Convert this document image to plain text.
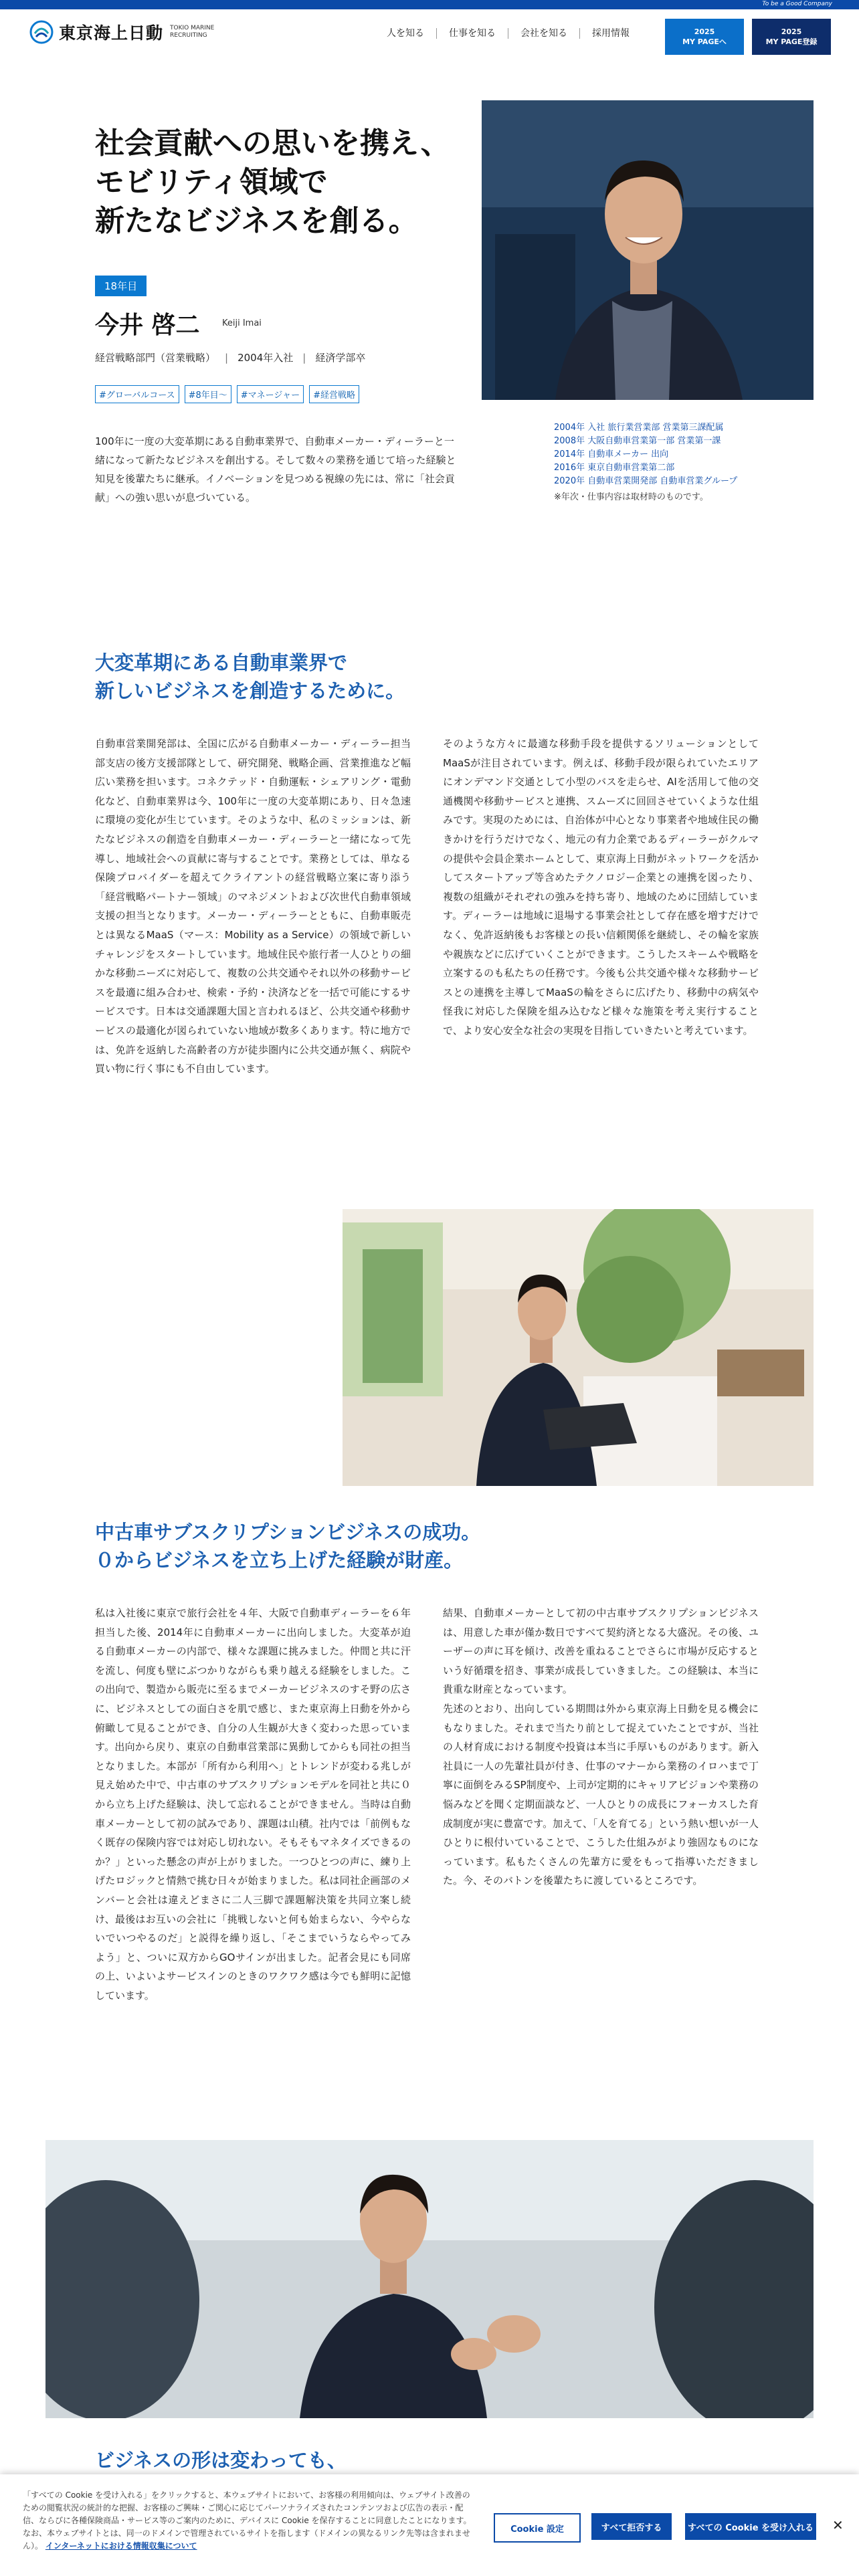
To be a Good Company
東京海上日動 TOKIO MARINE RECRUITING	人を知る	仕事を知る	会社を知る	採用情報	2025
MY PAGEへ
2025
MY PAGE登録
社会貢献への思いを携え、
モビリティ領域で
新たなビジネスを創る。
18年目
今井 啓二	Keiji Imai
経営戦略部門（営業戦略） | 2004年入社 | 経済学部卒
#グローバルコース	#8年目〜	#マネージャー	#経営戦略
100年に一度の大変革期にある自動車業界で、自動車メーカー・ディーラーと一緒になって新たなビジネスを創出する。そして数々の業務を通じて培った経験と知見を後輩たちに継承。イノベーションを見つめる視線の先には、常に「社会貢献」への強い思いが息づいている。
2004年 入社 旅行業営業部 営業第三課配属
2008年 大阪自動車営業第一部 営業第一課
2014年 自動車メーカー 出向
2016年 東京自動車営業第二部
2020年 自動車営業開発部 自動車営業グループ
※年次・仕事内容は取材時のものです。
大変革期にある自動車業界で
新しいビジネスを創造するために。

自動車営業開発部は、全国に広がる自動車メーカー・ディーラー担当部支店の後方支援部隊として、研究開発、戦略企画、営業推進など幅広い業務を担います。コネクテッド・自動運転・シェアリング・電動化など、自動車業界は今、100年に一度の大変革期にあり、日々急速に環境の変化が生じています。そのような中、私のミッションは、新たなビジネスの創造を自動車メーカー・ディーラーと一緒になって先導し、地域社会への貢献に寄与することです。業務としては、単なる保険プロバイダーを超えてクライアントの経営戦略立案に寄り添う「経営戦略パートナー領域」のマネジメントおよび次世代自動車領域支援の担当となります。メーカー・ディーラーとともに、自動車販売とは異なるMaaS（マース：Mobility as a Service）の領域で新しいチャレンジをスタートしています。地域住民や旅行者一人ひとりの細かな移動ニーズに対応して、複数の公共交通やそれ以外の移動サービスを最適に組み合わせ、検索・予約・決済などを一括で可能にするサービスです。日本は交通課題大国と言われるほど、公共交通や移動サービスの最適化が図られていない地域が数多くあります。特に地方では、免許を返納した高齢者の方が徒歩圏内に公共交通が無く、病院や買い物に行く事にも不自由しています。

そのような方々に最適な移動手段を提供するソリューションとしてMaaSが注目されています。例えば、移動手段が限られていたエリアにオンデマンド交通として小型のバスを走らせ、AIを活用して他の交通機関や移動サービスと連携、スムーズに回回させていくような仕組みです。実現のためには、自治体が中心となり事業者や地域住民の働きかけを行うだけでなく、地元の有力企業であるディーラーがクルマの提供や会員企業ホームとして、東京海上日動がネットワークを活かしてスタートアップ等含めたテクノロジー企業との連携を図ったり、複数の組織がそれぞれの強みを持ち寄り、地域のために団結しています。ディーラーは地域に退場する事業会社として存在感を増すだけでなく、免許返納後もお客様との長い信頼関係を継続し、その輪を家族や親族などに広げていくことができます。こうしたスキームや戦略を立案するのも私たちの任務です。今後も公共交通や様々な移動サービスとの連携を主導してMaaSの輪をさらに広げたり、移動中の病気や怪我に対応した保険を組み込むなど様々な施策を考え実行することで、より安心安全な社会の実現を目指していきたいと考えています。

中古車サブスクリプションビジネスの成功。
０からビジネスを立ち上げた経験が財産。

私は入社後に東京で旅行会社を４年、大阪で自動車ディーラーを６年担当した後、2014年に自動車メーカーに出向しました。大変革が迫る自動車メーカーの内部で、様々な課題に挑みました。仲間と共に汗を流し、何度も壁にぶつかりながらも乗り越える経験をしました。この出向で、製造から販売に至るまでメーカービジネスのすそ野の広さに、ビジネスとしての面白さを肌で感じ、また東京海上日動を外から俯瞰して見ることができ、自分の人生観が大きく変わった思っています。出向から戻り、東京の自動車営業部に異動してからも同社の担当となりました。本部が「所有から利用へ」とトレンドが変わる兆しが見え始めた中で、中古車のサブスクリプションモデルを同社と共に０から立ち上げた経験は、決して忘れることができません。当時は自動車メーカーとして初の試みであり、課題は山積。社内では「前例もなく既存の保険内容では対応し切れない。そもそもマネタイズできるのか？」といった懸念の声が上がりました。一つひとつの声に、練り上げたロジックと情熱で挑む日々が始まりました。私は同社企画部のメンバーと会社は違えどまさに二人三脚で課題解決策を共同立案し続け、最後はお互いの会社に「挑戦しないと何も始まらない、今やらないでいつやるのだ」と説得を繰り返し、「そこまでいうならやってみよう」と、ついに双方からGOサインが出ました。記者会見にも同席の上、いよいよサービスインのときのワクワク感は今でも鮮明に記憶しています。

結果、自動車メーカーとして初の中古車サブスクリプションビジネスは、用意した車が僅か数日ですべて契約済となる大盛況。その後、ユーザーの声に耳を傾け、改善を重ねることでさらに市場が反応するという好循環を招き、事業が成長していきました。この経験は、本当に貴重な財産となっています。
先述のとおり、出向している期間は外から東京海上日動を見る機会にもなりました。それまで当たり前として捉えていたことですが、当社の人材育成における制度や投資は本当に手厚いものがあります。新入社員に一人の先輩社員が付き、仕事のマナーから業務のイロハまで丁寧に面倒をみるSP制度や、上司が定期的にキャリアビジョンや業務の悩みなどを聞く定期面談など、一人ひとりの成長にフォーカスした育成制度が実に豊富です。加えて、「人を育てる」という熱い想いが一人ひとりに根付いていることで、こうした仕組みがより強固なものになっています。私もたくさんの先輩方に愛をもって指導いただきました。今、そのバトンを後輩たちに渡しているところです。

ビジネスの形は変わっても、
「すべての Cookie を受け入れる」をクリックすると、本ウェブサイトにおいて、お客様の利用傾向は、ウェブサイト改善のための閲覧状況の統計的な把握、お客様のご興味・ご関心に応じてパーソナライズされたコンテンツおよび広告の表示・配信、ならびに各種保険商品・サービス等のご案内のために、デバイスに Cookie を保存することに同意したことになります。なお、本ウェブサイトとは、同一のドメインで管理されているサイトを指します（ドメインの異なるリンク先等は含まれません）。 インターネットにおける情報収集について
Cookie 設定	すべて拒否する	すべての Cookie を受け入れる ✕
